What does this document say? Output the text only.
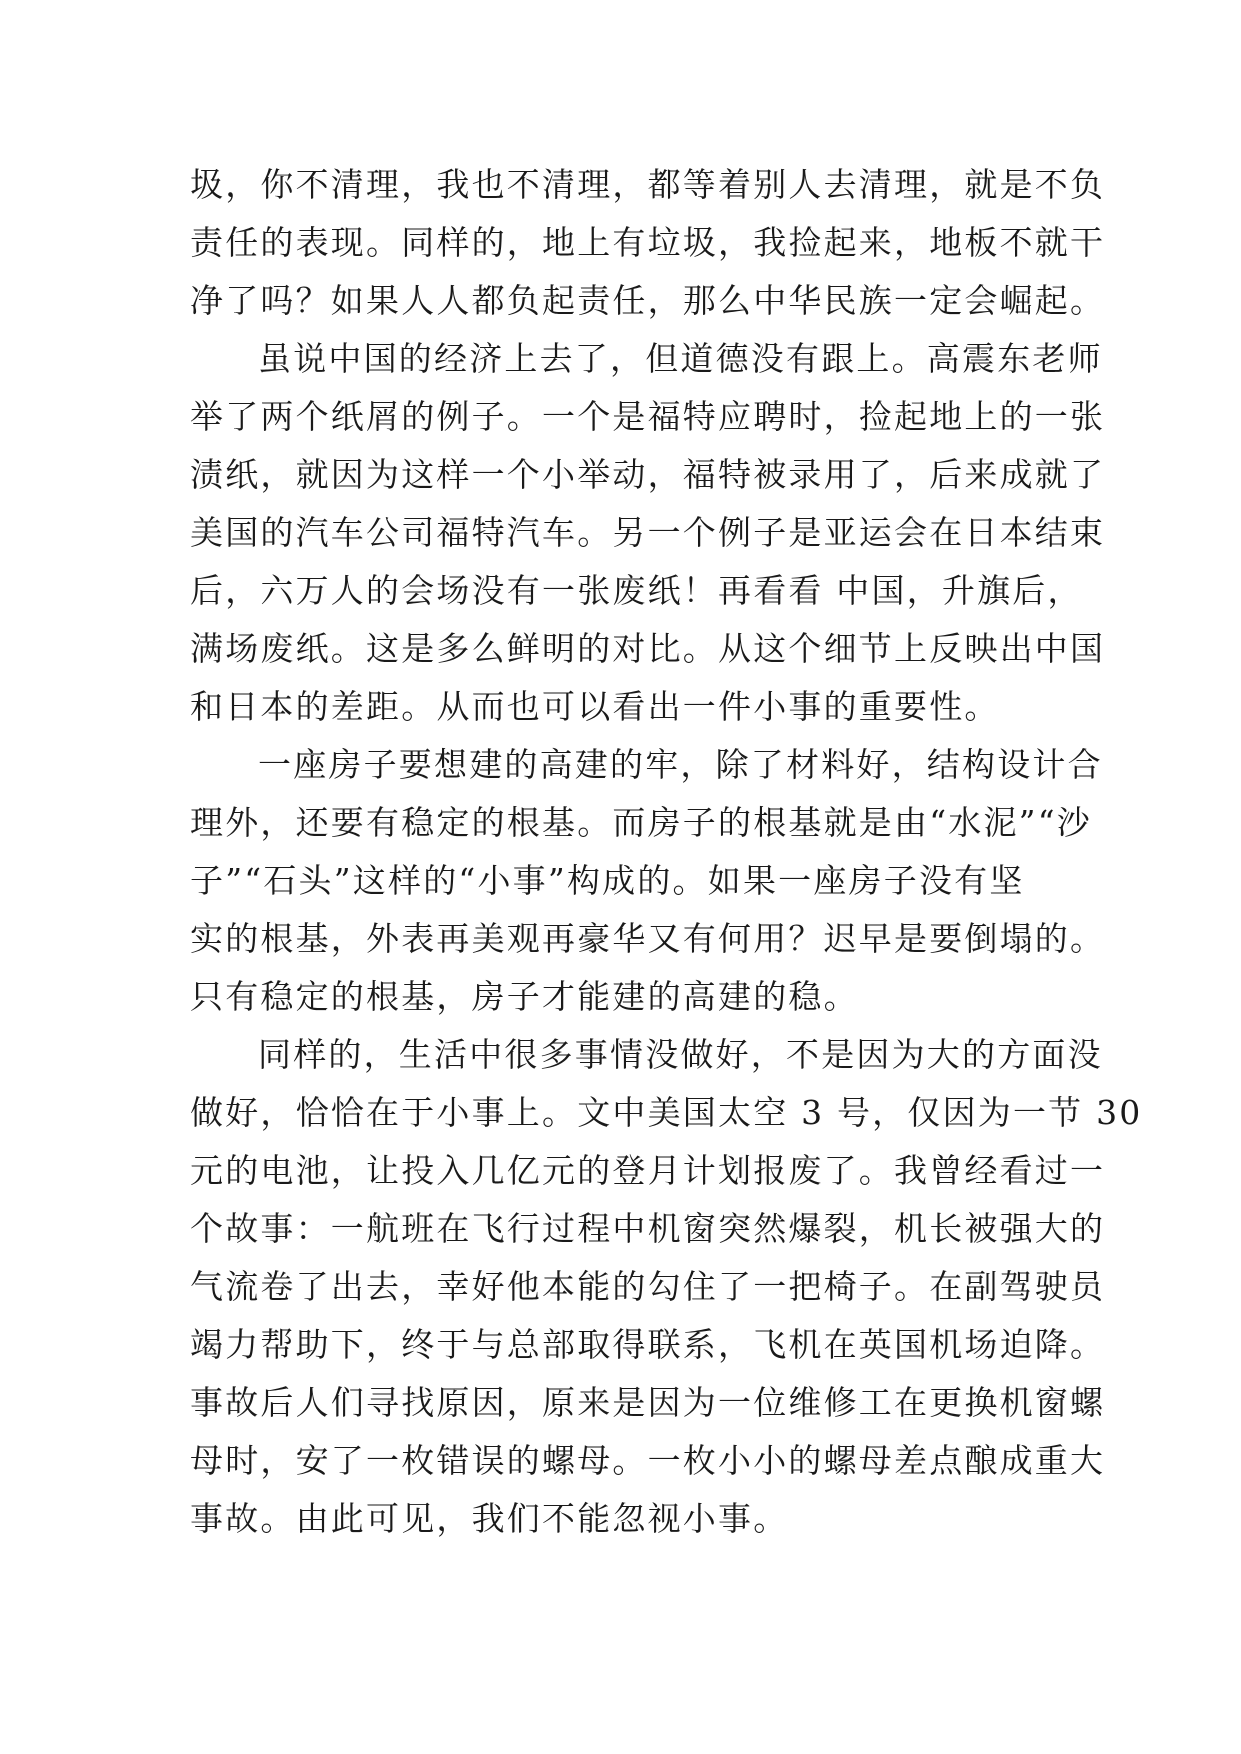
圾，你不清理，我也不清理，都等着别人去清理，就是不负
责任的表现。同样的，地上有垃圾，我捡起来，地板不就干
净了吗？如果人人都负起责任，那么中华民族一定会崛起。
虽说中国的经济上去了，但道德没有跟上。高震东老师
举了两个纸屑的例子。一个是福特应聘时，捡起地上的一张
渍纸，就因为这样一个小举动，福特被录用了，后来成就了
美国的汽车公司福特汽车。另一个例子是亚运会在日本结束
后，六万人的会场没有一张废纸！再看看 中国，升旗后，
满场废纸。这是多么鲜明的对比。从这个细节上反映出中国
和日本的差距。从而也可以看出一件小事的重要性。
一座房子要想建的高建的牢，除了材料好，结构设计合
理外，还要有稳定的根基。而房子的根基就是由“水泥”“沙
子”“石头”这样的“小事”构成的。如果一座房子没有坚
实的根基，外表再美观再豪华又有何用？迟早是要倒塌的。
只有稳定的根基，房子才能建的高建的稳。
同样的，生活中很多事情没做好，不是因为大的方面没
做好，恰恰在于小事上。文中美国太空 3 号，仅因为一节 30
元的电池，让投入几亿元的登月计划报废了。我曾经看过一
个故事：一航班在飞行过程中机窗突然爆裂，机长被强大的
气流卷了出去，幸好他本能的勾住了一把椅子。在副驾驶员
竭力帮助下，终于与总部取得联系，飞机在英国机场迫降。
事故后人们寻找原因，原来是因为一位维修工在更换机窗螺
母时，安了一枚错误的螺母。一枚小小的螺母差点酿成重大
事故。由此可见，我们不能忽视小事。
